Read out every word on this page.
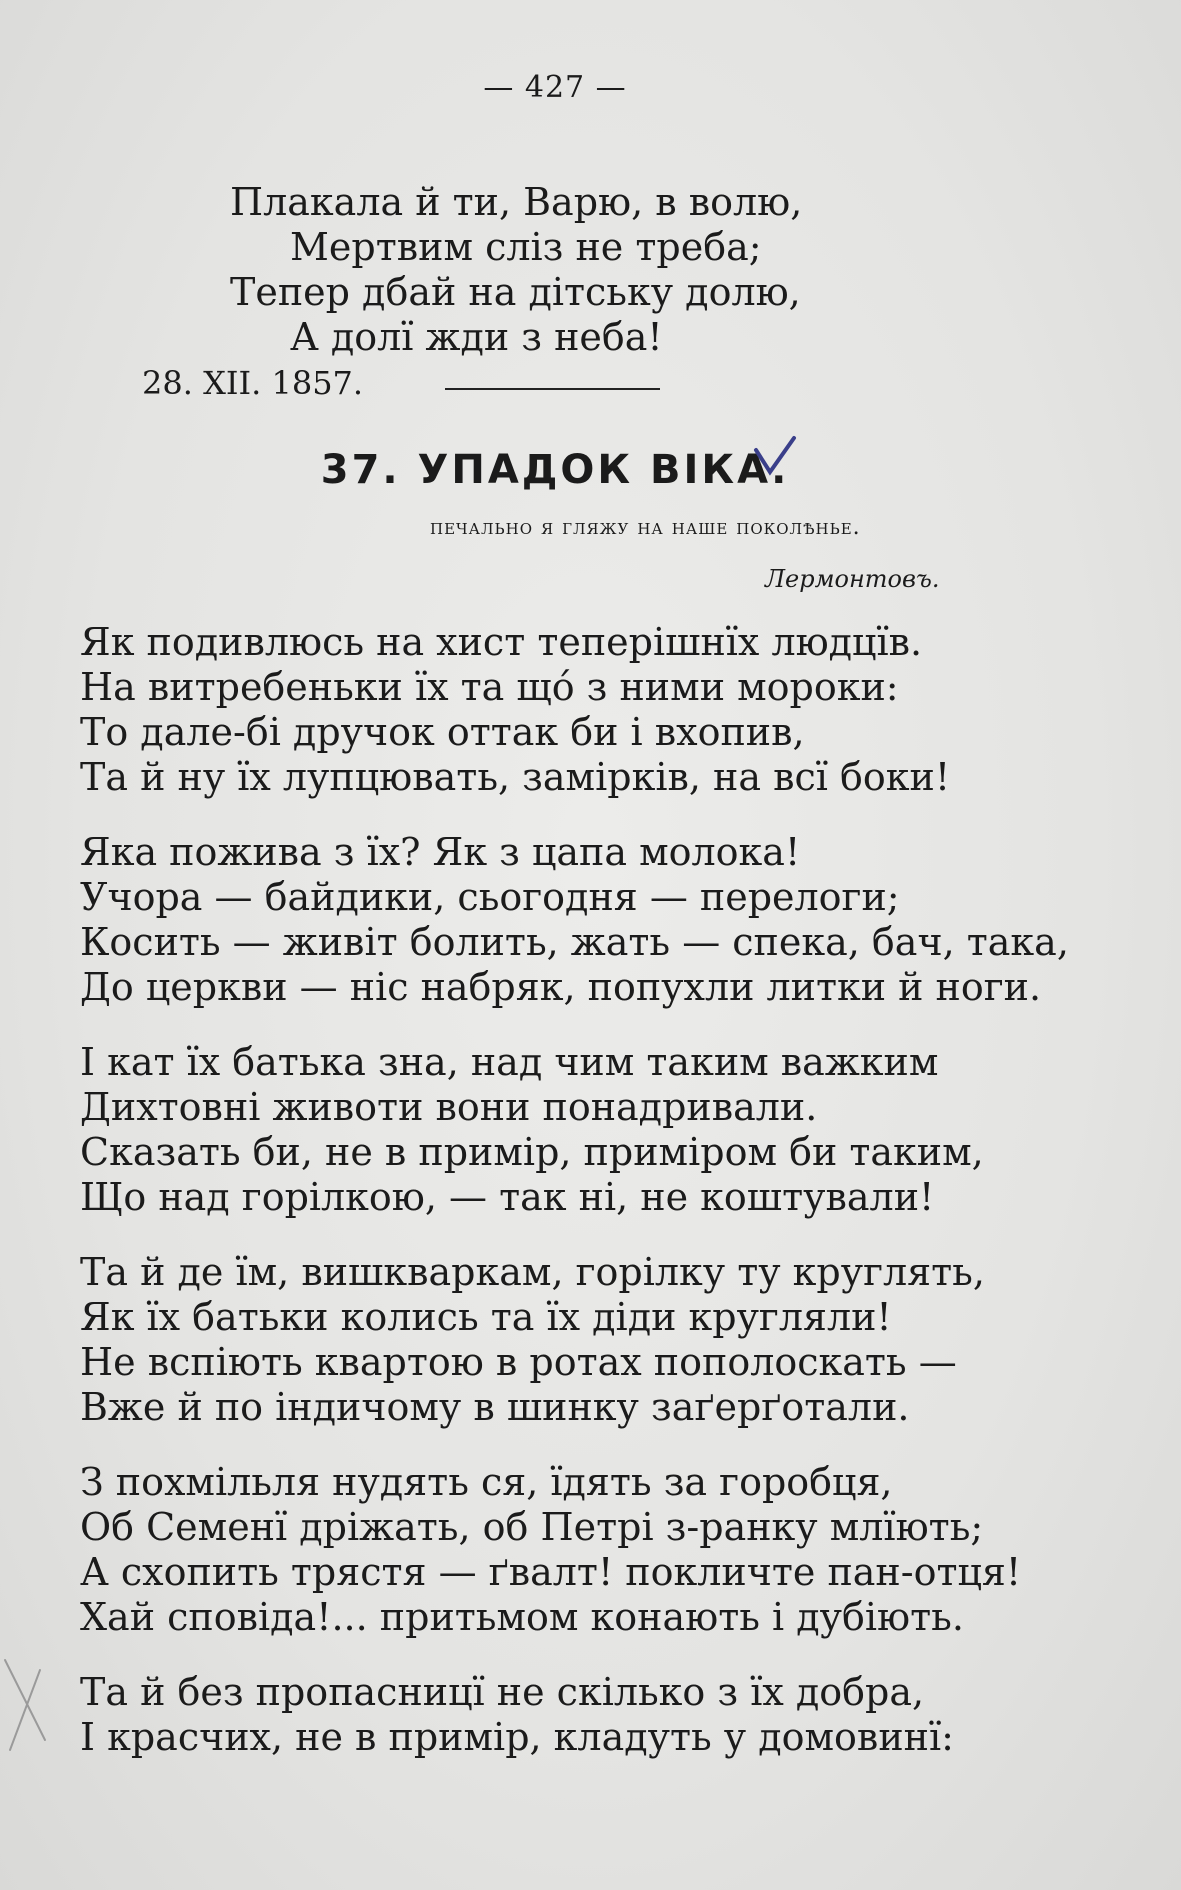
— 427 —
Плакала й ти, Варю, в волю,
Мертвим сліз не треба;
Тепер дбай на дітську долю,
А долї жди з неба!
28. XII. 1857.
37. УПАДОК ВІКА.
печально я гляжу на наше поколѣнье.
Лермонтовъ.
Як подивлюсь на хист теперішнїх людцїв.
На витребеньки їх та щó з ними мороки:
То дале-бі дручок оттак би і вхопив,
Та й ну їх лупцювать, замірків, на всї боки!
Яка пожива з їх? Як з цапа молока!
Учора — байдики, сьогодня — перелоги;
Косить — живіт болить, жать — спека, бач, така,
До церкви — ніс набряк, попухли литки й ноги.
І кат їх батька зна, над чим таким важким
Дихтовні животи вони понадривали.
Сказать би, не в примір, приміром би таким,
Що над горілкою, — так ні, не коштували!
Та й де їм, вишкваркам, горілку ту круглять,
Як їх батьки колись та їх діди кругляли!
Не вспіють квартою в ротах пополоскать —
Вже й по індичому в шинку заґерґотали.
З похмільля нудять ся, їдять за горобця,
Об Семенї дріжать, об Петрі з-ранку млїють;
А схопить трястя — ґвалт! покличте пан-отця!
Хай сповіда!... притьмом конають і дубіють.
Та й без пропасницї не скілько з їх добра,
І красчих, не в примір, кладуть у домовинї:
